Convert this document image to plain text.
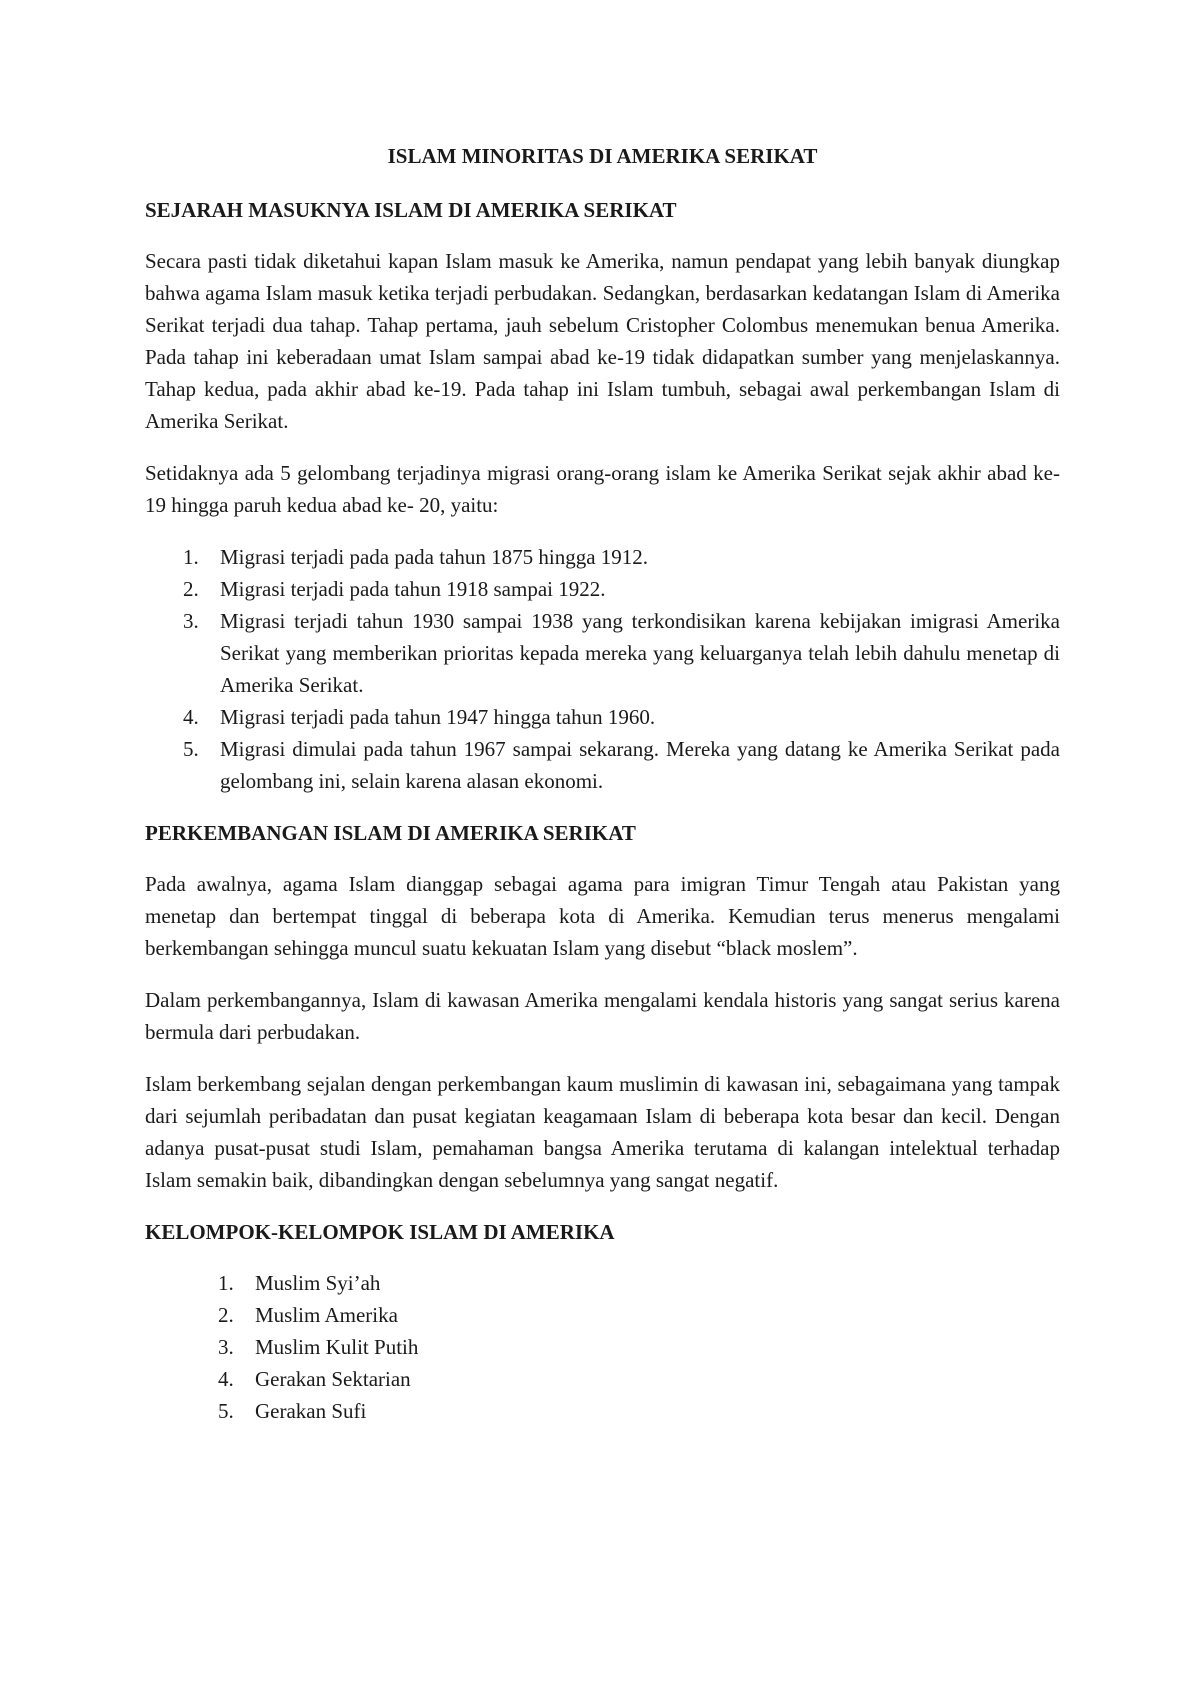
ISLAM MINORITAS DI AMERIKA SERIKAT
SEJARAH MASUKNYA ISLAM DI AMERIKA SERIKAT

Secara pasti tidak diketahui kapan Islam masuk ke Amerika, namun pendapat yang lebih banyak diungkap bahwa agama Islam masuk ketika terjadi perbudakan. Sedangkan, berdasarkan kedatangan Islam di Amerika Serikat terjadi dua tahap. Tahap pertama, jauh sebelum Cristopher Colombus menemukan benua Amerika. Pada tahap ini keberadaan umat Islam sampai abad ke-19 tidak didapatkan sumber yang menjelaskannya. Tahap kedua, pada akhir abad ke-19. Pada tahap ini Islam tumbuh, sebagai awal perkembangan Islam di Amerika Serikat.

Setidaknya ada 5 gelombang terjadinya migrasi orang-orang islam ke Amerika Serikat sejak akhir abad ke-19 hingga paruh kedua abad ke- 20, yaitu:

1. Migrasi terjadi pada pada tahun 1875 hingga 1912.
2. Migrasi terjadi pada tahun 1918 sampai 1922.
3. Migrasi terjadi tahun 1930 sampai 1938 yang terkondisikan karena kebijakan imigrasi Amerika Serikat yang memberikan prioritas kepada mereka yang keluarganya telah lebih dahulu menetap di Amerika Serikat.
4. Migrasi terjadi pada tahun 1947 hingga tahun 1960.
5. Migrasi dimulai pada tahun 1967 sampai sekarang. Mereka yang datang ke Amerika Serikat pada gelombang ini, selain karena alasan ekonomi.
PERKEMBANGAN ISLAM DI AMERIKA SERIKAT

Pada awalnya, agama Islam dianggap sebagai agama para imigran Timur Tengah atau Pakistan yang menetap dan bertempat tinggal di beberapa kota di Amerika. Kemudian terus menerus mengalami berkembangan sehingga muncul suatu kekuatan Islam yang disebut “black moslem”.

Dalam perkembangannya, Islam di kawasan Amerika mengalami kendala historis yang sangat serius karena bermula dari perbudakan.

Islam berkembang sejalan dengan perkembangan kaum muslimin di kawasan ini, sebagaimana yang tampak dari sejumlah peribadatan dan pusat kegiatan keagamaan Islam di beberapa kota besar dan kecil. Dengan adanya pusat-pusat studi Islam, pemahaman bangsa Amerika terutama di kalangan intelektual terhadap Islam semakin baik, dibandingkan dengan sebelumnya yang sangat negatif.

KELOMPOK-KELOMPOK ISLAM DI AMERIKA
1. Muslim Syi’ah
2. Muslim Amerika
3. Muslim Kulit Putih
4. Gerakan Sektarian
5. Gerakan Sufi
